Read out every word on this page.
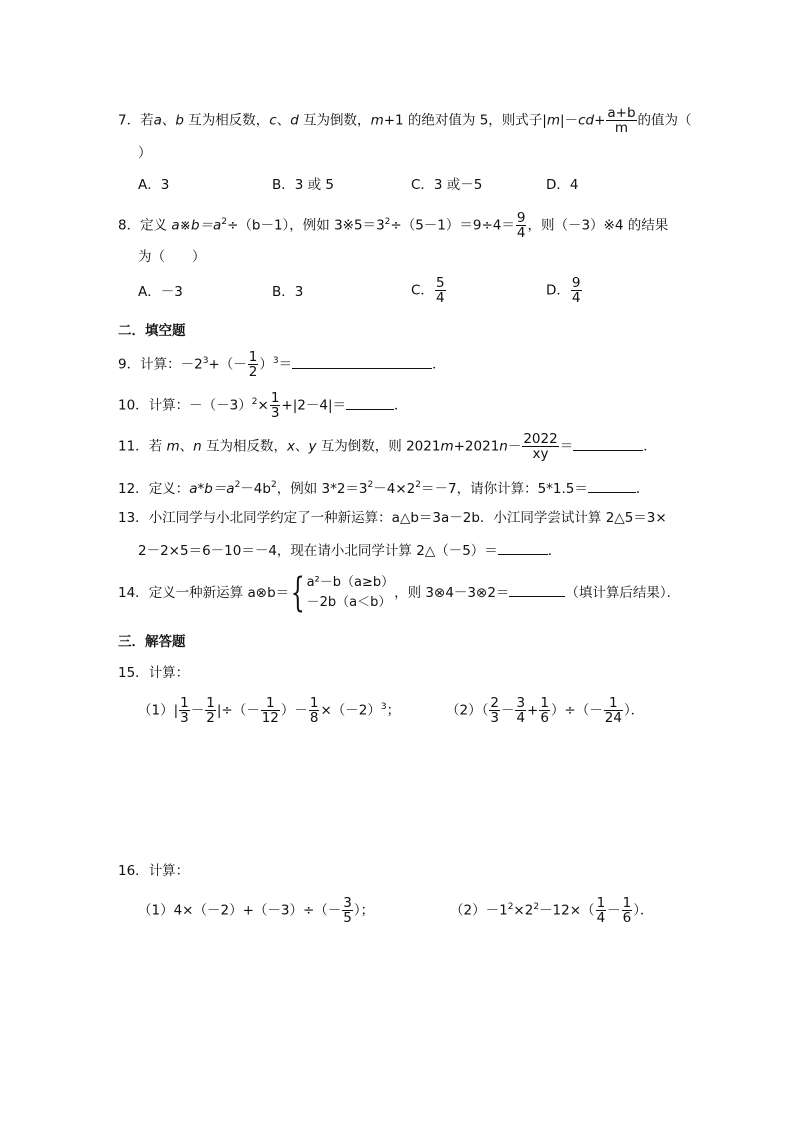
7．若a、b 互为相反数，c、d 互为倒数，m+1 的绝对值为 5，则式子$|m|-cd+ \frac{a+b}{m}$ 的值为（
）
A．3	B．3 或 5	C．3 或－5	D．4
8．定义 $a※b=a^2\div(b-1)$，例如 $3※5=3^2\div(5-1)=9\div 4= \frac{9}{4}$ ，则（－3）※4 的结果
为（　　）
A．－3	B．3	C． $\frac{5}{4}$	D． $\frac{9}{4}$
二．填空题
9．计算：$-2^3+(- \frac{1}{2} )^3=$	．
10．计算：$-(-3)^2\times \frac{1}{3} +|2-4|=$	．
11．若 m、n 互为相反数，x、y 互为倒数，则 $2021m+2021n- \frac{2022}{xy}$ ＝	．
12．定义：$a*b=a^2-4b^2$，例如 $3*2=3^2-4\times 2^2=-7$，请你计算：5*1.5＝	．
13．小江同学与小北同学约定了一种新运算：a△b＝3a－2b．小江同学尝试计算 2△5＝3×
2－2×5＝6－10＝－4，现在请小北同学计算 2△（－5）＝	．
14．定义一种新运算 a⊗b＝{ a²－b（a≥b）
－2b（a＜b）
，则 3⊗4－3⊗2＝	（填计算后结果）．
三．解答题
15．计算：
$(1)| \frac{1}{3} - \frac{1}{2}$ |÷（－ $\frac{1}{12}$ ）－ $\frac{1}{8} \times(-2)^3$；	$(2)( \frac{2}{3} - \frac{3}{4} + \frac{1}{6}$ ）÷（－ $\frac{1}{24}$ ）．
16．计算：
$(1)4\times(-2)+(-3)\div(- \frac{3}{5}$ ）；	$(2)-1^2\times 2^2-12\times( \frac{1}{4} - \frac{1}{6}$ ）．
